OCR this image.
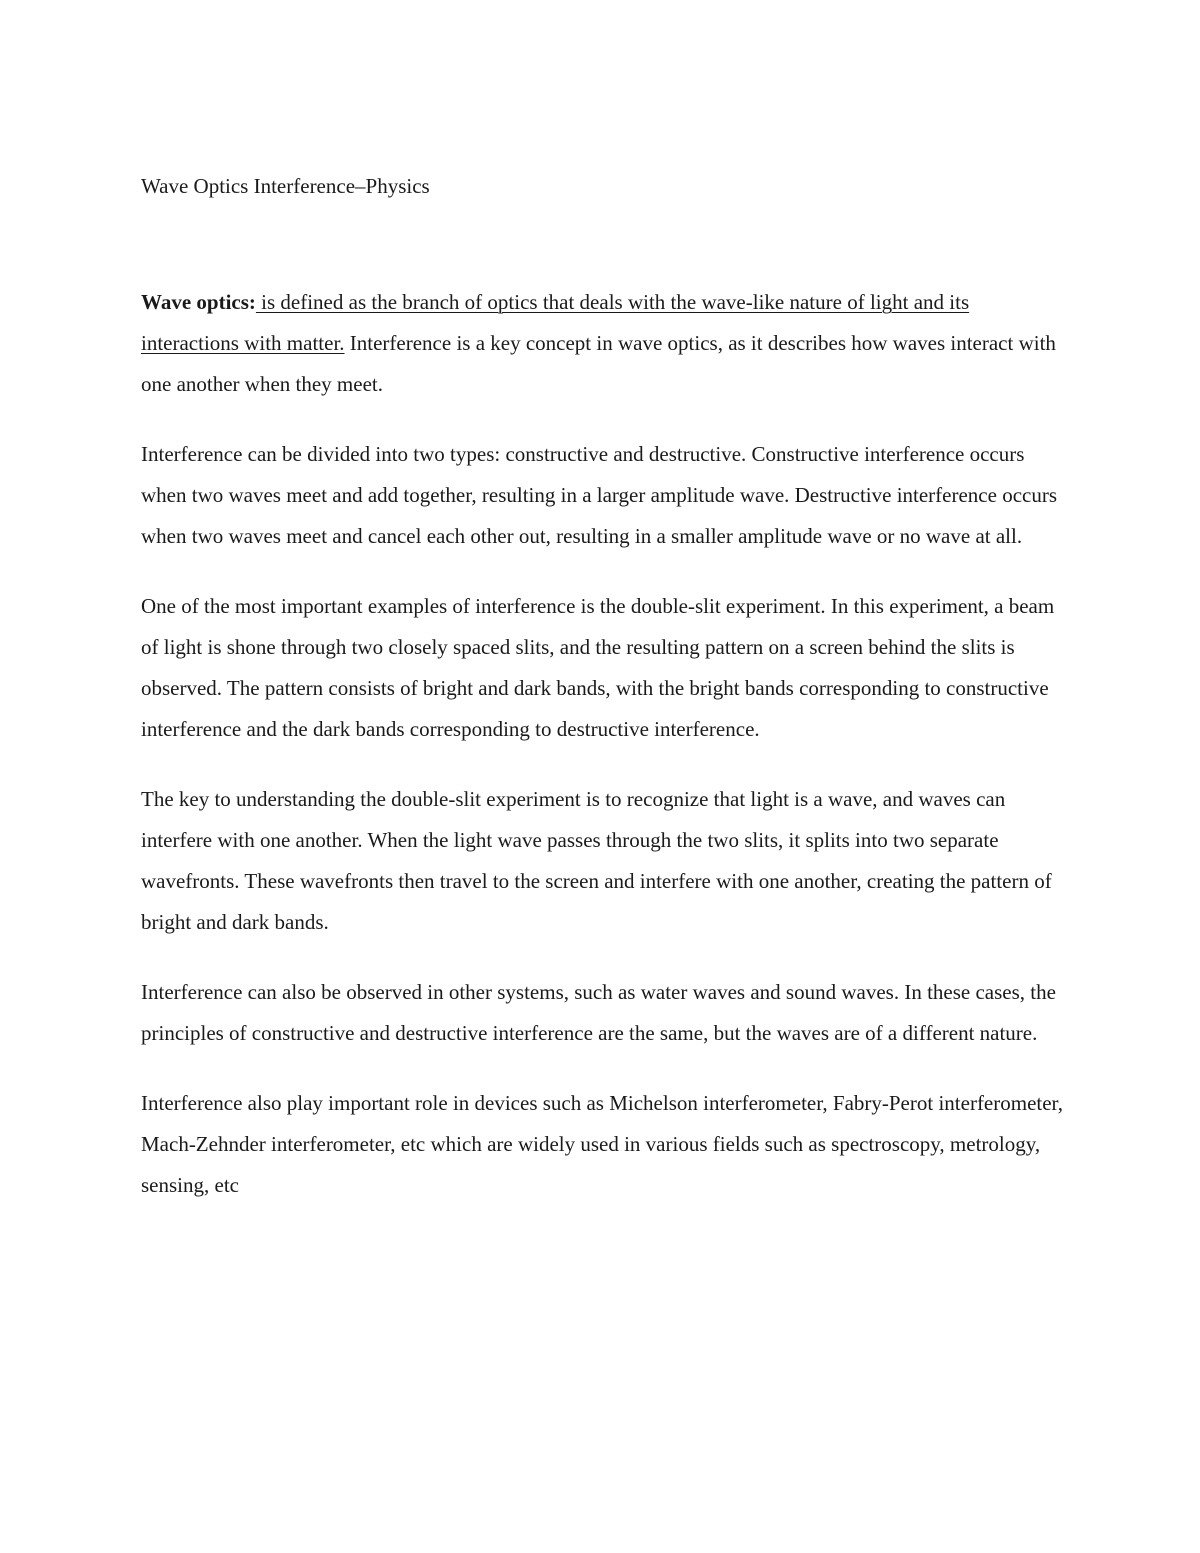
Wave Optics Interference–Physics

Wave optics: is defined as the branch of optics that deals with the wave-like nature of light and its interactions with matter. Interference is a key concept in wave optics, as it describes how waves interact with one another when they meet.

Interference can be divided into two types: constructive and destructive. Constructive interference occurs when two waves meet and add together, resulting in a larger amplitude wave. Destructive interference occurs when two waves meet and cancel each other out, resulting in a smaller amplitude wave or no wave at all.

One of the most important examples of interference is the double-slit experiment. In this experiment, a beam of light is shone through two closely spaced slits, and the resulting pattern on a screen behind the slits is observed. The pattern consists of bright and dark bands, with the bright bands corresponding to constructive interference and the dark bands corresponding to destructive interference.

The key to understanding the double-slit experiment is to recognize that light is a wave, and waves can interfere with one another. When the light wave passes through the two slits, it splits into two separate wavefronts. These wavefronts then travel to the screen and interfere with one another, creating the pattern of bright and dark bands.

Interference can also be observed in other systems, such as water waves and sound waves. In these cases, the principles of constructive and destructive interference are the same, but the waves are of a different nature.

Interference also play important role in devices such as Michelson interferometer, Fabry-Perot interferometer, Mach-Zehnder interferometer, etc which are widely used in various fields such as spectroscopy, metrology, sensing, etc
